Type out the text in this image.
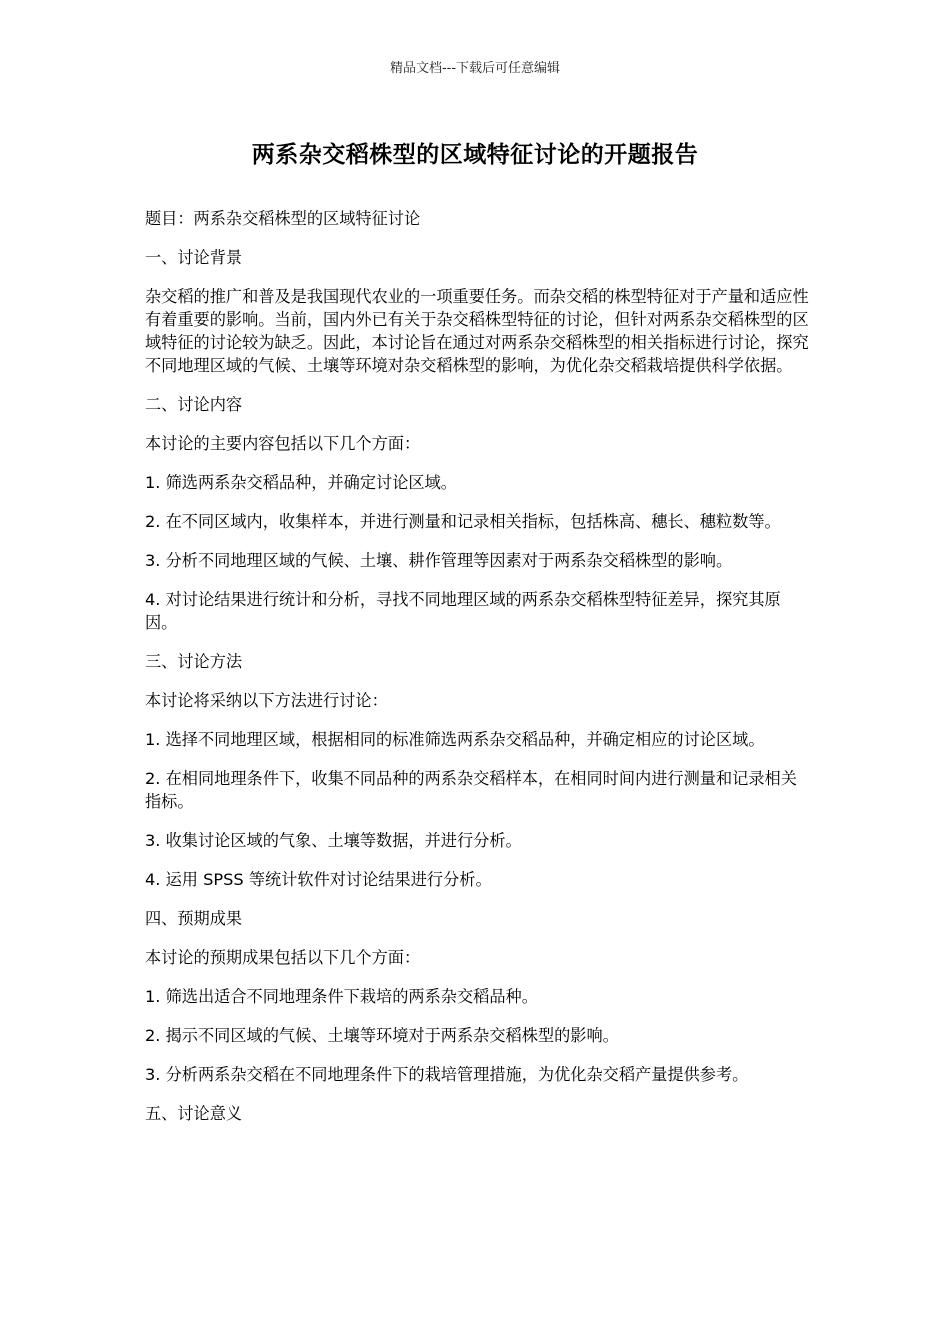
精品文档---下载后可任意编辑
两系杂交稻株型的区域特征讨论的开题报告

题目：两系杂交稻株型的区域特征讨论

一、讨论背景

杂交稻的推广和普及是我国现代农业的一项重要任务。而杂交稻的株型特征对于产量和适应性有着重要的影响。当前，国内外已有关于杂交稻株型特征的讨论，但针对两系杂交稻株型的区域特征的讨论较为缺乏。因此，本讨论旨在通过对两系杂交稻株型的相关指标进行讨论，探究不同地理区域的气候、土壤等环境对杂交稻株型的影响，为优化杂交稻栽培提供科学依据。

二、讨论内容

本讨论的主要内容包括以下几个方面：

1. 筛选两系杂交稻品种，并确定讨论区域。

2. 在不同区域内，收集样本，并进行测量和记录相关指标，包括株高、穗长、穗粒数等。

3. 分析不同地理区域的气候、土壤、耕作管理等因素对于两系杂交稻株型的影响。

4. 对讨论结果进行统计和分析，寻找不同地理区域的两系杂交稻株型特征差异，探究其原因。

三、讨论方法

本讨论将采纳以下方法进行讨论：

1. 选择不同地理区域，根据相同的标准筛选两系杂交稻品种，并确定相应的讨论区域。

2. 在相同地理条件下，收集不同品种的两系杂交稻样本，在相同时间内进行测量和记录相关指标。

3. 收集讨论区域的气象、土壤等数据，并进行分析。

4. 运用 SPSS 等统计软件对讨论结果进行分析。

四、预期成果

本讨论的预期成果包括以下几个方面：

1. 筛选出适合不同地理条件下栽培的两系杂交稻品种。

2. 揭示不同区域的气候、土壤等环境对于两系杂交稻株型的影响。

3. 分析两系杂交稻在不同地理条件下的栽培管理措施，为优化杂交稻产量提供参考。

五、讨论意义
